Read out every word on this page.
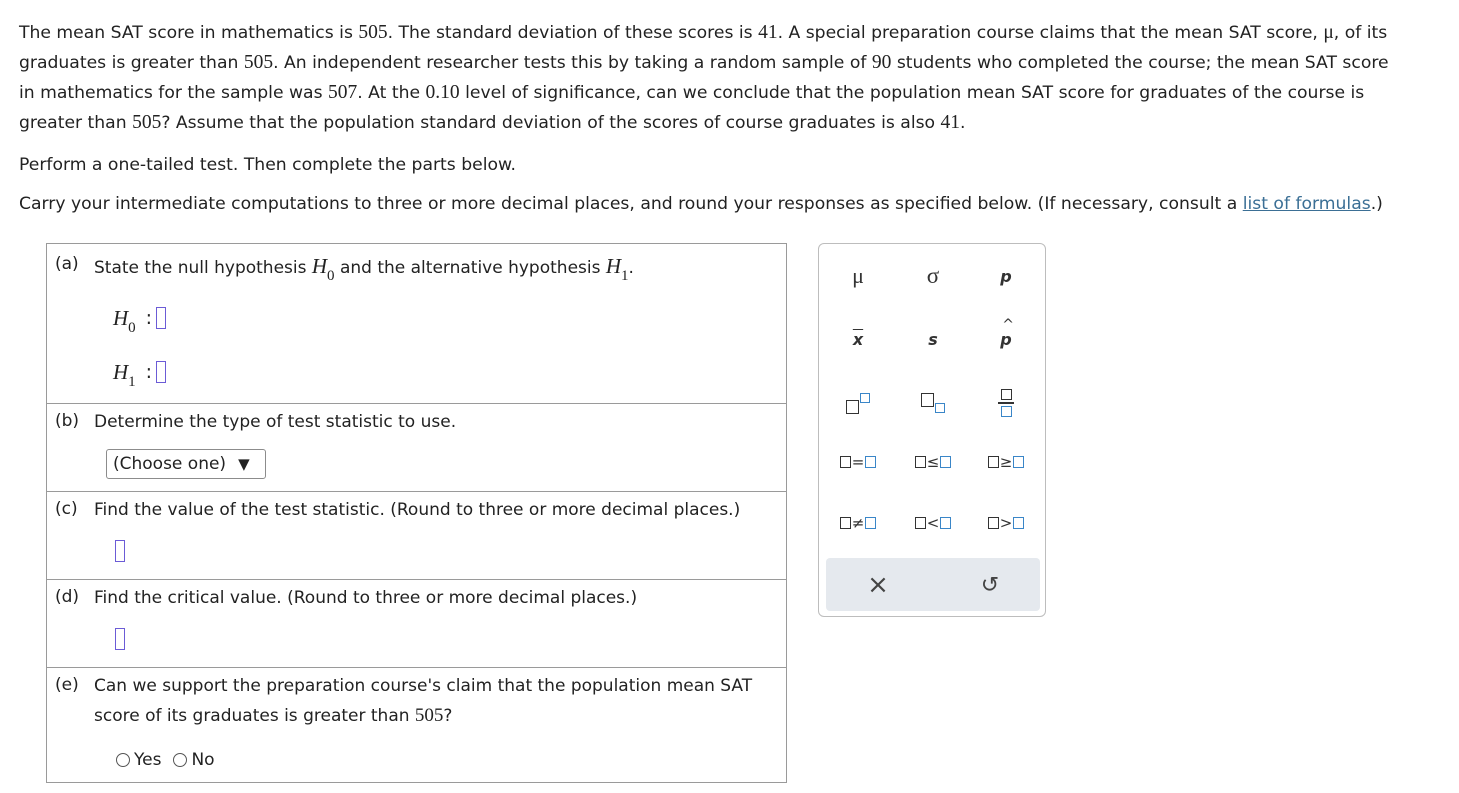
The mean SAT score in mathematics is 505. The standard deviation of these scores is 41. A special preparation course claims that the mean SAT score, μ, of its

graduates is greater than 505. An independent researcher tests this by taking a random sample of 90 students who completed the course; the mean SAT score

in mathematics for the sample was 507. At the 0.10 level of significance, can we conclude that the population mean SAT score for graduates of the course is

greater than 505? Assume that the population standard deviation of the scores of course graduates is also 41.

Perform a one-tailed test. Then complete the parts below.
Carry your intermediate computations to three or more decimal places, and round your responses as specified below. (If necessary, consult a list of formulas.)
(a) State the null hypothesis H0 and the alternative hypothesis H1.
$H_0$ :
$H_1$ :
(b) Determine the type of test statistic to use.
(Choose one) ▼
(c) Find the value of the test statistic. (Round to three or more decimal places.)
(d) Find the critical value. (Round to three or more decimal places.)
(e) Can we support the preparation course's claim that the population mean SAT
score of its graduates is greater than 505?
Yes No
μ	σ	p
$\overline{x}$	s
^
p
=	≤	≥
≠	<	>
×	↺
